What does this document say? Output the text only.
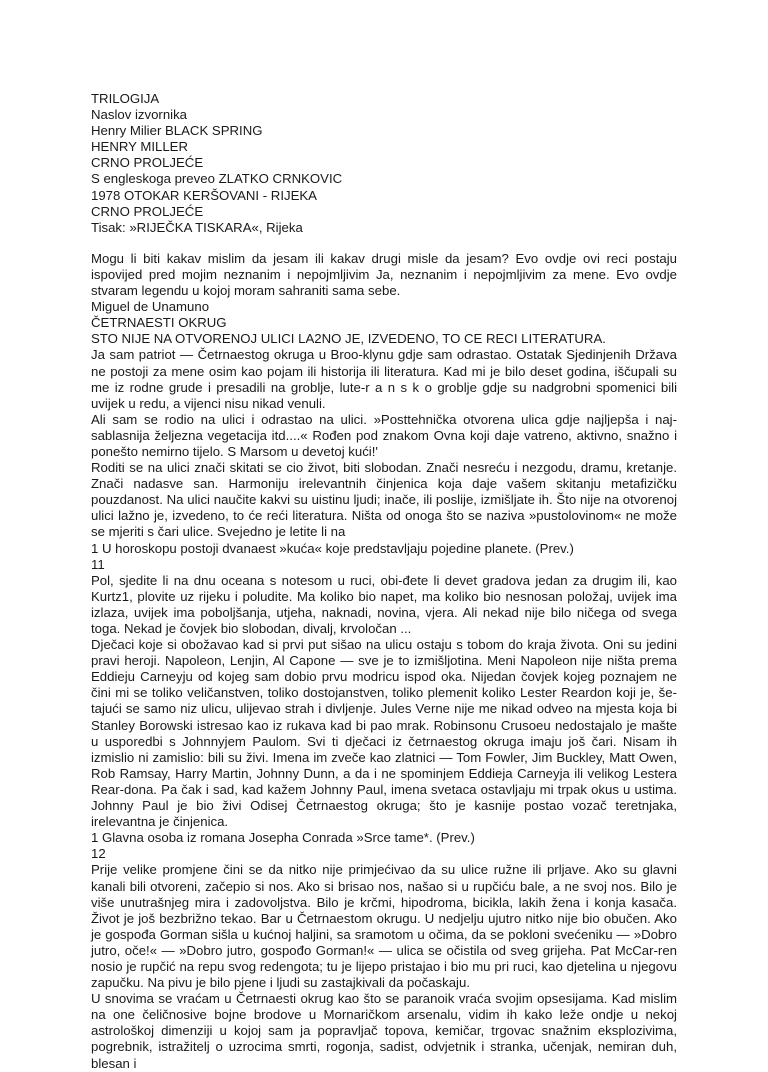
TRILOGIJA

Naslov izvornika

Henry Milier BLACK SPRING

HENRY MILLER

CRNO PROLJEĆE

S engleskoga preveo ZLATKO CRNKOVIC

1978 OTOKAR KERŠOVANI - RIJEKA

CRNO PROLJEĆE

Tisak: »RIJEČKA TISKARA«, Rijeka

Mogu li biti kakav mislim da jesam ili kakav drugi misle da jesam? Evo ovdje ovi reci postaju ispovijed pred mojim neznanim i nepojmljivim Ja, neznanim i nepojmljivim za mene. Evo ovdje stvaram legendu u kojoj moram sahraniti sama sebe.

Miguel de Unamuno

ČETRNAESTI OKRUG

STO NIJE NA OTVORENOJ ULICI LA2NO JE, IZVEDENO, TO CE RECI LITERATURA.

Ja sam patriot — Četrnaestog okruga u Broo-klynu gdje sam odrastao. Ostatak Sjedinjenih Država ne postoji za mene osim kao pojam ili historija ili literatura. Kad mi je bilo deset godina, iščupali su me iz rodne grude i presadili na groblje, lute-r a n s k o groblje gdje su nadgrobni spomenici bili uvijek u redu, a vijenci nisu nikad venuli.

Ali sam se rodio na ulici i odrastao na ulici. »Posttehnička otvorena ulica gdje najljepša i naj-sablasnija željezna vegetacija itd....« Rođen pod znakom Ovna koji daje vatreno, aktivno, snažno i ponešto nemirno tijelo. S Marsom u devetoj kući!'

Roditi se na ulici znači skitati se cio život, biti slobodan. Znači nesreću i nezgodu, dramu, kretanje. Znači nadasve san. Harmoniju irelevantnih činjenica koja daje vašem skitanju metafizičku pouzdanost. Na ulici naučite kakvi su uistinu ljudi; inače, ili poslije, izmišljate ih. Što nije na otvorenoj ulici lažno je, izvedeno, to će reći literatura. Ništa od onoga što se naziva »pustolovinom« ne može se mjeriti s čari ulice. Svejedno je letite li na

1 U horoskopu postoji dvanaest »kuća« koje predstavljaju pojedine planete. (Prev.)

11

Pol, sjedite li na dnu oceana s notesom u ruci, obi-đete li devet gradova jedan za drugim ili, kao Kurtz1, plovite uz rijeku i poludite. Ma koliko bio napet, ma koliko bio nesnosan položaj, uvijek ima izlaza, uvijek ima poboljšanja, utjeha, naknadi, novina, vjera. Ali nekad nije bilo ničega od svega toga. Nekad je čovjek bio slobodan, divalj, krvoločan ...

Dječaci koje si obožavao kad si prvi put sišao na ulicu ostaju s tobom do kraja života. Oni su jedini pravi heroji. Napoleon, Lenjin, Al Capone — sve je to izmišljotina. Meni Napoleon nije ništa prema Eddieju Carneyju od kojeg sam dobio prvu modricu ispod oka. Nijedan čovjek kojeg poznajem ne čini mi se toliko veličanstven, toliko dostojanstven, toliko plemenit koliko Lester Reardon koji je, še-tajući se samo niz ulicu, ulijevao strah i divljenje. Jules Verne nije me nikad odveo na mjesta koja bi Stanley Borowski istresao kao iz rukava kad bi pao mrak. Robinsonu Crusoeu nedostajalo je mašte u usporedbi s Johnnyjem Paulom. Svi ti dječaci iz četrnaestog okruga imaju još čari. Nisam ih izmislio ni zamislio: bili su živi. Imena im zveče kao zlatnici — Tom Fowler, Jim Buckley, Matt Owen, Rob Ramsay, Harry Martin, Johnny Dunn, a da i ne spominjem Eddieja Carneyja ili velikog Lestera Rear-dona. Pa čak i sad, kad kažem Johnny Paul, imena svetaca ostavljaju mi trpak okus u ustima. Johnny Paul je bio živi Odisej Četrnaestog okruga; što je kasnije postao vozač teretnjaka, irelevantna je činjenica.

1 Glavna osoba iz romana Josepha Conrada »Srce tame*. (Prev.)

12

Prije velike promjene čini se da nitko nije primjećivao da su ulice ružne ili prljave. Ako su glavni kanali bili otvoreni, začepio si nos. Ako si brisao nos, našao si u rupčiću bale, a ne svoj nos. Bilo je više unutrašnjeg mira i zadovoljstva. Bilo je krčmi, hipodroma, bicikla, lakih žena i konja kasača. Život je još bezbrižno tekao. Bar u Četrnaestom okrugu. U nedjelju ujutro nitko nije bio obučen. Ako je gospođa Gorman sišla u kućnoj haljini, sa sramotom u očima, da se pokloni svećeniku — »Dobro jutro, oče!« — »Dobro jutro, gospođo Gorman!« — ulica se očistila od sveg grijeha. Pat McCar-ren nosio je rupčić na repu svog redengota; tu je lijepo pristajao i bio mu pri ruci, kao djetelina u njegovu zapučku. Na pivu je bilo pjene i ljudi su zastajkivali da počaskaju.

U snovima se vraćam u Četrnaesti okrug kao što se paranoik vraća svojim opsesijama. Kad mislim na one čeličnosive bojne brodove u Mornaričkom arsenalu, vidim ih kako leže ondje u nekoj astrološkoj dimenziji u kojoj sam ja popravljač topova, kemičar, trgovac snažnim eksplozivima, pogrebnik, istražitelj o uzrocima smrti, rogonja, sadist, odvjetnik i stranka, učenjak, nemiran duh, blesan i
